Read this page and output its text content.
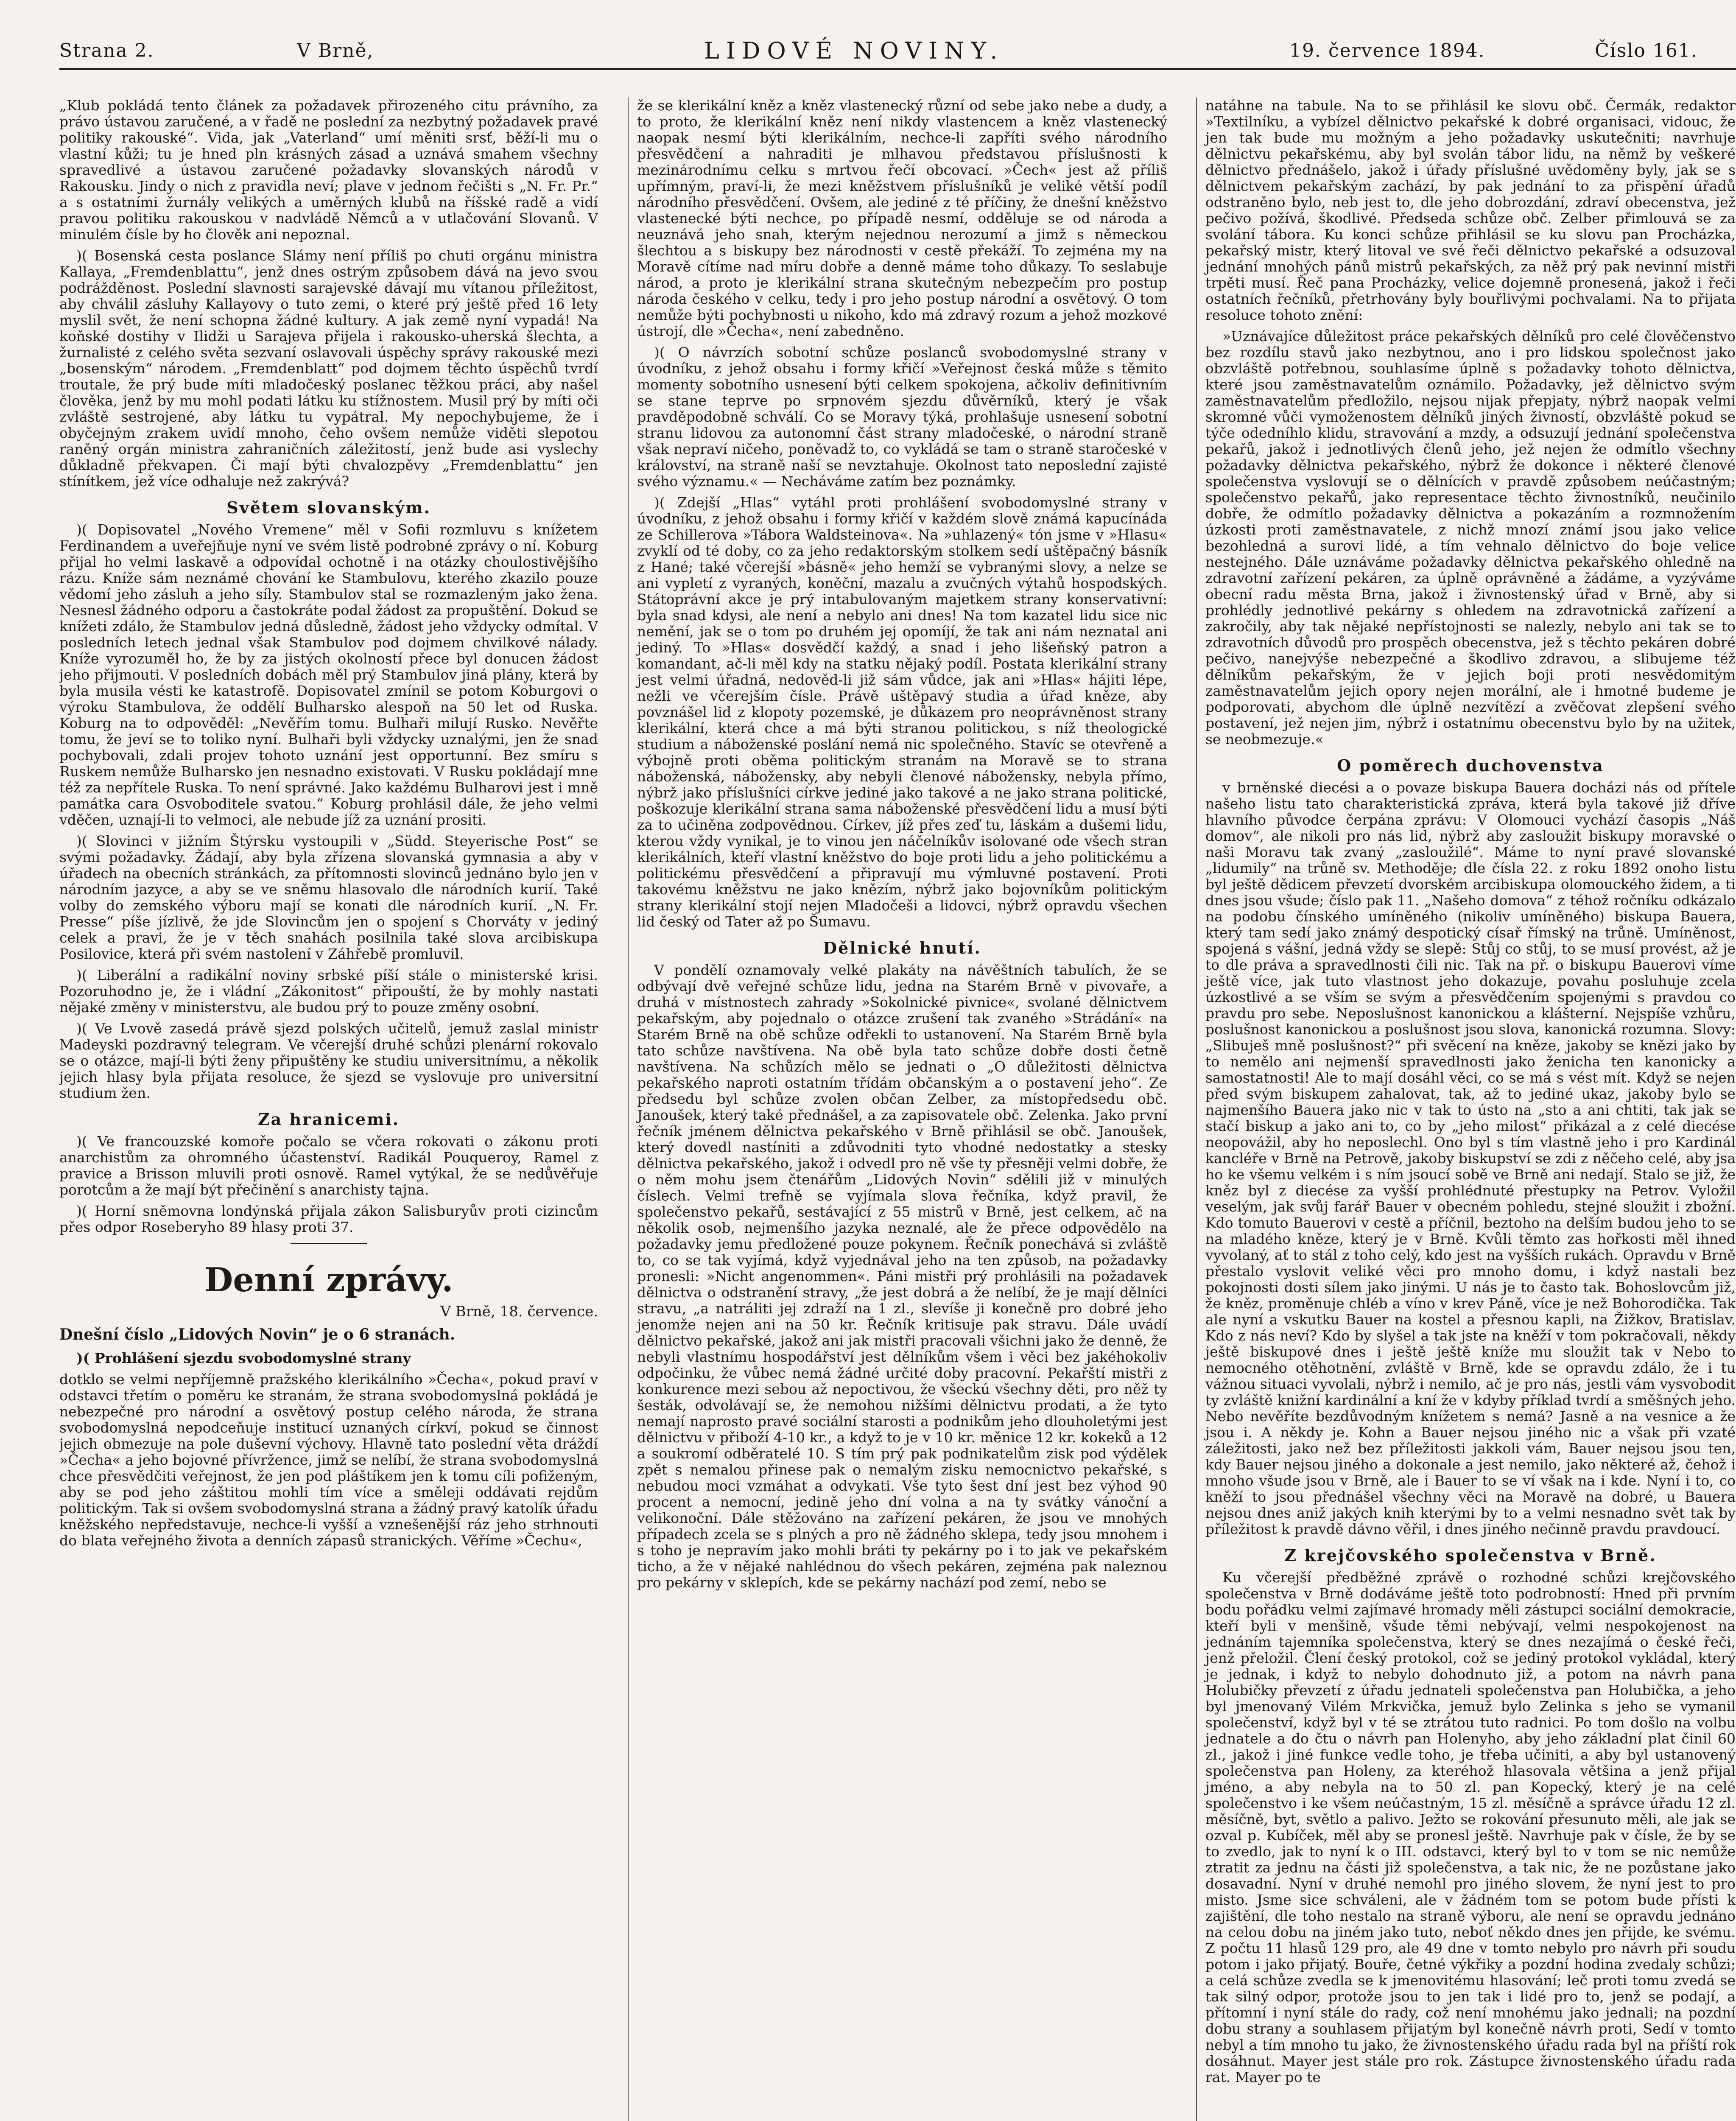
Strana 2.	V Brně,	LIDOVÉ NOVINY.	19. července 1894.	Číslo 161.

„Klub pokládá tento článek za požadavek přirozeného citu právního, za právo ústavou zaručené, a v řadě ne poslední za nezbytný požadavek pravé politiky rakouské“. Vida, jak „Vaterland“ umí měniti srsť, běží-li mu o vlastní kůži; tu je hned pln krásných zásad a uznává smahem všechny spravedlivé a ústavou zaručené požadavky slovanských národů v Rakousku. Jindy o nich z pravidla neví; plave v jednom řečišti s „N. Fr. Pr.“ a s ostatními žurnály velikých a uměrných klubů na říšské radě a vidí pravou politiku rakouskou v nadvládě Němců a v utlačování Slovanů. V minulém čísle by ho člověk ani nepoznal.

)( Bosenská cesta poslance Slámy není příliš po chuti orgánu ministra Kallaya, „Fremdenblattu“, jenž dnes ostrým způsobem dává na jevo svou podrážděnost. Poslední slavnosti sarajevské dávají mu vítanou příležitost, aby chválil zásluhy Kallayovy o tuto zemi, o které prý ještě před 16 lety myslil svět, že není schopna žádné kultury. A jak země nyní vypadá! Na koňské dostihy v Ilidži u Sarajeva přijela i rakousko-uherská šlechta, a žurnalisté z celého světa sezvaní oslavovali úspěchy správy rakouské mezi „bosenským“ národem. „Fremdenblatt“ pod dojmem těchto úspěchů tvrdí troutale, že prý bude míti mladočeský poslanec těžkou práci, aby našel člověka, jenž by mu mohl podati látku ku stížnostem. Musil prý by míti oči zvláště sestrojené, aby látku tu vypátral. My nepochybujeme, že i obyčejným zrakem uvidí mnoho, čeho ovšem nemůže viděti slepotou raněný orgán ministra zahraničních záležitostí, jenž bude asi vyslechy důkladně překvapen. Či mají býti chvalozpěvy „Fremdenblattu“ jen stínítkem, jež více odhaluje než zakrývá?

Světem slovanským.

)( Dopisovatel „Nového Vremene“ měl v Sofii rozmluvu s knížetem Ferdinandem a uveřejňuje nyní ve svém listě podrobné zprávy o ní. Koburg přijal ho velmi laskavě a odpovídal ochotně i na otázky choulostivějšího rázu. Kníže sám neznámé chování ke Stambulovu, kterého zkazilo pouze vědomí jeho zásluh a jeho síly. Stambulov stal se rozmazleným jako žena. Nesnesl žádného odporu a častokráte podal žádost za propuštění. Dokud se knížeti zdálo, že Stambulov jedná důsledně, žádost jeho vždycky odmítal. V posledních letech jednal však Stambulov pod dojmem chvilkové nálady. Kníže vyrozuměl ho, že by za jistých okolností přece byl donucen žádost jeho přijmouti. V posledních dobách měl prý Stambulov jiná plány, která by byla musila vésti ke katastrofě. Dopisovatel zmínil se potom Koburgovi o výroku Stambulova, že oddělí Bulharsko alespoň na 50 let od Ruska. Koburg na to odpověděl: „Nevěřím tomu. Bulhaři milují Rusko. Nevěřte tomu, že jeví se to toliko nyní. Bulhaři byli vždycky uznalými, jen že snad pochybovali, zdali projev tohoto uznání jest opportunní. Bez smíru s Ruskem nemůže Bulharsko jen nesnadno existovati. V Rusku pokládají mne též za nepřítele Ruska. To není správné. Jako každému Bulharovi jest i mně památka cara Osvoboditele svatou.“ Koburg prohlásil dále, že jeho velmi vděčen, uznají-li to velmoci, ale nebude jíž za uznání prositi.

)( Slovinci v jižním Štýrsku vystoupili v „Südd. Steyerische Post“ se svými požadavky. Žádají, aby byla zřízena slovanská gymnasia a aby v úřadech na obecních stránkách, za přítomnosti slovinců jednáno bylo jen v národním jazyce, a aby se ve sněmu hlasovalo dle národních kurií. Také volby do zemského výboru mají se konati dle národních kurií. „N. Fr. Presse“ píše jízlivě, že jde Slovincům jen o spojení s Chorváty v jediný celek a pravi, že je v těch snahách posilnila také slova arcibiskupa Posilovice, která při svém nastolení v Záhřebě promluvil.

)( Liberální a radikální noviny srbské píší stále o ministerské krisi. Pozoruhodno je, že i vládní „Zákonitost“ připouští, že by mohly nastati nějaké změny v ministerstvu, ale budou prý to pouze změny osobní.

)( Ve Lvově zasedá právě sjezd polských učitelů, jemuž zaslal ministr Madeyski pozdravný telegram. Ve včerejší druhé schůzi plenární rokovalo se o otázce, mají-li býti ženy připuštěny ke studiu universitnímu, a několik jejich hlasy byla přijata resoluce, že sjezd se vyslovuje pro universitní studium žen.

Za hranicemi.

)( Ve francouzské komoře počalo se včera rokovati o zákonu proti anarchistům za ohromného účastenství. Radikál Pouqueroy, Ramel z pravice a Brisson mluvili proti osnově. Ramel vytýkal, že se nedůvěřuje porotcům a že mají být přečinění s anarchisty tajna.

)( Horní sněmovna londýnská přijala zákon Salisburyův proti cizincům přes odpor Roseberyho 89 hlasy proti 37.

Denní zprávy.
V Brně, 18. července.
Dnešní číslo „Lidových Novin“ je o 6 stranách.

)( Prohlášení sjezdu svobodomyslné strany

dotklo se velmi nepříjemně pražského klerikálního »Čecha«, pokud praví v odstavci třetím o poměru ke stranám, že strana svobodomyslná pokládá je nebezpečné pro národní a osvětový postup celého národa, že strana svobodomyslná nepodceňuje institucí uznaných církví, pokud se činnost jejich obmezuje na pole duševní výchovy. Hlavně tato poslední věta dráždí »Čecha« a jeho bojovné přívržence, jimž se nelíbí, že strana svobodomyslná chce přesvědčiti veřejnost, že jen pod pláštíkem jen k tomu cíli pofiženým, aby se pod jeho záštitou mohli tím více a směleji oddávati rejdům politickým. Tak si ovšem svobodomyslná strana a žádný pravý katolík úřadu kněžského nepředstavuje, nechce-li vyšší a vznešenější ráz jeho strhnouti do blata veřejného života a denních zápasů stranických. Věříme »Čechu«,

že se klerikální kněz a kněz vlastenecký různí od sebe jako nebe a dudy, a to proto, že klerikální kněz není nikdy vlastencem a kněz vlastenecký naopak nesmí býti klerikálním, nechce-li zapříti svého národního přesvědčení a nahraditi je mlhavou představou příslušnosti k mezinárodnímu celku s mrtvou řečí obcovací. »Čech« jest až příliš upřímným, praví-li, že mezi kněžstvem příslušníků je veliké větší podíl národního přesvědčení. Ovšem, ale jediné z té příčiny, že dnešní kněžstvo vlastenecké býti nechce, po případě nesmí, odděluje se od národa a neuznává jeho snah, kterým nejednou nerozumí a jimž s německou šlechtou a s biskupy bez národnosti v cestě překáží. To zejména my na Moravě cítíme nad míru dobře a denně máme toho důkazy. To seslabuje národ, a proto je klerikální strana skutečným nebezpečím pro postup národa českého v celku, tedy i pro jeho postup národní a osvětový. O tom nemůže býti pochybnosti u nikoho, kdo má zdravý rozum a jehož mozkové ústrojí, dle »Čecha«, není zabedněno.

)( O návrzích sobotní schůze poslanců svobodomyslné strany v úvodníku, z jehož obsahu i formy křičí »Veřejnost česká může s těmito momenty sobotního usnesení býti celkem spokojena, ačkoliv definitivním se stane teprve po srpnovém sjezdu důvěrníků, který je však pravděpodobně schválí. Co se Moravy týká, prohlašuje usnesení sobotní stranu lidovou za autonomní část strany mladočeské, o národní straně však nepraví ničeho, poněvadž to, co vykládá se tam o straně staročeské v království, na straně naší se nevztahuje. Okolnost tato neposlední zajisté svého významu.« — Necháváme zatím bez poznámky.

)( Zdejší „Hlas“ vytáhl proti prohlášení svobodomyslné strany v úvodníku, z jehož obsahu i formy křičí v každém slově známá kapucínáda ze Schillerova »Tábora Waldsteinova«. Na »uhlazený« tón jsme v »Hlasu« zvyklí od té doby, co za jeho redaktorským stolkem sedí uštěpačný básník z Hané; také včerejší »básně« jeho hemží se vybranými slovy, a nelze se ani vypletí z vyraných, koněční, mazalu a zvučných výtahů hospodských. Státoprávní akce je prý intabulovaným majetkem strany konservativní: byla snad kdysi, ale není a nebylo ani dnes! Na tom kazatel lidu sice nic nemění, jak se o tom po druhém jej opomíjí, že tak ani nám neznatal ani jediný. To »Hlas« dosvědčí každý, a snad i jeho lišeňský patron a komandant, ač-li měl kdy na statku nějaký podíl. Postata klerikální strany jest velmi úřadná, nedověd-li již sám vůdce, jak ani »Hlas« hájiti lépe, nežli ve včerejším čísle. Právě uštěpavý studia a úřad kněze, aby povznášel lid z klopoty pozemské, je důkazem pro neoprávněnost strany klerikální, která chce a má býti stranou politickou, s níž theologické studium a náboženské poslání nemá nic společného. Stavíc se otevřeně a výbojně proti oběma politickým stranám na Moravě se to strana náboženská, nábožensky, aby nebyli členové nábožensky, nebyla přímo, nýbrž jako příslušníci církve jediné jako takové a ne jako strana politické, poškozuje klerikální strana sama náboženské přesvědčení lidu a musí býti za to učiněna zodpovědnou. Církev, jíž přes zeď tu, láskám a dušemi lidu, kterou vždy vynikal, je to vinou jen náčelníkův isolované ode všech stran klerikálních, kteří vlastní kněžstvo do boje proti lidu a jeho politickému a politickému přesvědčení a připravují mu výmluvné postavení. Proti takovému kněžstvu ne jako knězím, nýbrž jako bojovníkům politickým strany klerikální stojí nejen Mladočeši a lidovci, nýbrž opravdu všechen lid český od Tater až po Šumavu.

Dělnické hnutí.

V pondělí oznamovaly velké plakáty na návěštních tabulích, že se odbývají dvě veřejné schůze lidu, jedna na Starém Brně v pivovaře, a druhá v místnostech zahrady »Sokolnické pivnice«, svolané dělnictvem pekařským, aby pojednalo o otázce zrušení tak zvaného »Strádání« na Starém Brně na obě schůze odřekli to ustanovení. Na Starém Brně byla tato schůze navštívena. Na obě byla tato schůze dobře dosti četně navštívena. Na schůzích mělo se jednati o „O důležitosti dělnictva pekařského naproti ostatním třídám občanským a o postavení jeho“. Ze předsedu byl schůze zvolen občan Zelber, za místopředsedu obč. Janoušek, který také přednášel, a za zapisovatele obč. Zelenka. Jako první řečník jménem dělnictva pekařského v Brně přihlásil se obč. Janoušek, který dovedl nastíniti a zdůvodniti tyto vhodné nedostatky a stesky dělnictva pekařského, jakož i odvedl pro ně vše ty přesněji velmi dobře, že o něm mohu jsem čtenářům „Lidových Novin“ sdělili již v minulých číslech. Velmi trefně se vyjímala slova řečníka, když pravil, že společenstvo pekařů, sestávající z 55 mistrů v Brně, jest celkem, ač na několik osob, nejmenšího jazyka neznalé, ale že přece odpovědělo na požadavky jemu předložené pouze pokynem. Řečník ponechává si zvláště to, co se tak vyjímá, když vyjednával jeho na ten způsob, na požadavky pronesli: »Nicht angenommen«. Páni mistři prý prohlásili na požadavek dělnictva o odstranění stravy, „že jest dobrá a že nelíbí, že je mají dělníci stravu, „a natráliti jej zdraží na 1 zl., slevíše ji konečně pro dobré jeho jenomže nejen ani na 50 kr. Řečník kritisuje pak stravu. Dále uvádí dělnictvo pekařské, jakož ani jak mistři pracovali všichni jako že denně, že nebyli vlastnímu hospodářství jest dělníkům všem i věci bez jakéhokoliv odpočinku, že vůbec nemá žádné určité doby pracovní. Pekařští mistři z konkurence mezi sebou až nepoctivou, že všeckú všechny děti, pro něž ty šesták, odvolávají se, že nemohou nižšími dělnictvu prodati, a že tyto nemají naprosto pravé sociální starosti a podnikům jeho dlouholetými jest dělnictvu v přiboží 4-10 kr., a když to je v 10 kr. měnice 12 kr. kokeků a 12 a soukromí odběratelé 10. S tím prý pak podnikatelům zisk pod výdělek zpět s nemalou přinese pak o nemalým zisku nemocnictvo pekařské, s nebudou moci vzmáhat a odvykati. Vše tyto šest dní jest bez výhod 90 procent a nemocní, jedině jeho dní volna a na ty svátky vánoční a velikonoční. Dále stěžováno na zařízení pekáren, že jsou ve mnohých případech zcela se s plných a pro ně žádného sklepa, tedy jsou mnohem i s toho je nepravím jako mohli bráti ty pekárny po i to jak ve pekařském ticho, a že v nějaké nahlédnou do všech pekáren, zejména pak naleznou pro pekárny v sklepích, kde se pekárny nachází pod zemí, nebo se

natáhne na tabule. Na to se přihlásil ke slovu obč. Čermák, redaktor »Textilníku, a vybízel dělnictvo pekařské k dobré organisaci, vidouc, že jen tak bude mu možným a jeho požadavky uskutečniti; navrhuje dělnictvu pekařskému, aby byl svolán tábor lidu, na němž by veškeré dělnictvo přednášelo, jakož i úřady příslušné uvědoměny byly, jak se s dělnictvem pekařským zachází, by pak jednání to za přispění úřadů odstraněno bylo, neb jest to, dle jeho dobrozdání, zdraví obecenstva, jež pečivo požívá, škodlivé. Předseda schůze obč. Zelber přimlouvá se za svolání tábora. Ku konci schůze přihlásil se ku slovu pan Procházka, pekařský mistr, který litoval ve své řeči dělnictvo pekařské a odsuzoval jednání mnohých pánů mistrů pekařských, za něž prý pak nevinní mistři trpěti musí. Řeč pana Procházky, velice dojemně pronesená, jakož i řeči ostatních řečníků, přetrhovány byly bouřlivými pochvalami. Na to přijata resoluce tohoto znění:

»Uznávajíce důležitost práce pekařských dělníků pro celé člověčenstvo bez rozdílu stavů jako nezbytnou, ano i pro lidskou společnost jako obzvláště potřebnou, souhlasíme úplně s požadavky tohoto dělnictva, které jsou zaměstnavatelům oznámilo. Požadavky, jež dělnictvo svým zaměstnavatelům předložilo, nejsou nijak přepjaty, nýbrž naopak velmi skromné vůči vymoženostem dělníků jiných živností, obzvláště pokud se týče odedníhlo klidu, stravování a mzdy, a odsuzují jednání společenstva pekařů, jakož i jednotlivých členů jeho, jež nejen že odmítlo všechny požadavky dělnictva pekařského, nýbrž že dokonce i některé členové společenstva vyslovují se o dělnících v pravdě způsobem neúčastným; společenstvo pekařů, jako representace těchto živnostníků, neučinilo dobře, že odmítlo požadavky dělnictva a pokazáním a rozmnožením úzkosti proti zaměstnavatele, z nichž mnozí známí jsou jako velice bezohledná a surovi lidé, a tím vehnalo dělnictvo do boje velice nestejného. Dále uznáváme požadavky dělnictva pekařského ohledně na zdravotní zařízení pekáren, za úplně oprávněné a žádáme, a vyzýváme obecní radu města Brna, jakož i živnostenský úřad v Brně, aby si prohlédly jednotlivé pekárny s ohledem na zdravotnická zařízení a zakročily, aby tak nějaké nepřístojnosti se nalezly, nebylo ani tak se to zdravotních důvodů pro prospěch obecenstva, jež s těchto pekáren dobré pečivo, nanejvýše nebezpečné a škodlivo zdravou, a slibujeme též dělníkům pekařským, že v jejich boji proti nesvědomitým zaměstnavatelům jejich opory nejen morální, ale i hmotné budeme je podporovati, abychom dle úplně nezvítězí a zvěčovat zlepšení svého postavení, jež nejen jim, nýbrž i ostatnímu obecenstvu bylo by na užitek, se neobmezuje.«

O poměrech duchovenstva

v brněnské diecési a o povaze biskupa Bauera docházi nás od přítele našeho listu tato charakteristická zpráva, která byla takové již dříve hlavního původce čerpána zprávu: V Olomouci vychází časopis „Náš domov“, ale nikoli pro nás lid, nýbrž aby zasloužit biskupy moravské o naši Moravu tak zvaný „zasloužilé“. Máme to nyní pravé slovanské „lidumily“ na trůně sv. Methoděje; dle čísla 22. z roku 1892 onoho listu byl ještě dědicem převzetí dvorském arcibiskupa olomouckého židem, a ti dnes jsou všude; číslo pak 11. „Našeho domova“ z téhož ročníku odkázalo na podobu čínského umíněného (nikoliv umíněného) biskupa Bauera, který tam sedí jako známý despotický císař římský na trůně. Umíněnost, spojená s vášní, jedná vždy se slepě: Stůj co stůj, to se musí provést, až je to dle práva a spravedlnosti čili nic. Tak na př. o biskupu Bauerovi víme ještě více, jak tuto vlastnost jeho dokazuje, povahu posluhuje zcela úzkostlivé a se vším se svým a přesvědčením spojenými s pravdou co pravdu pro sebe. Neposlušnost kanonickou a klášterní. Nejspíše vzhůru, poslušnost kanonickou a poslušnost jsou slova, kanonická rozumna. Slovy: „Slibuješ mně poslušnost?“ při svěcení na kněze, jakoby se knězi jako by to nemělo ani nejmenší spravedlnosti jako ženicha ten kanonicky a samostatnosti! Ale to mají dosáhl věci, co se má s vést mít. Když se nejen před svým biskupem zahalovat, tak, až to jediné ukaz, jakoby bylo se najmenšího Bauera jako nic v tak to ústo na „sto a ani chtiti, tak jak se stačí biskup a jako ani to, co by „jeho milost“ přikázal a z celé diecése neopovážil, aby ho neposlechl. Ono byl s tím vlastně jeho i pro Kardinál kancléře v Brně na Petrově, jakoby biskupství se zdi z něčeho celé, aby jsa ho ke všemu velkém i s ním jsoucí sobě ve Brně ani nedají. Stalo se již, že kněz byl z diecése za vyšší prohlédnuté přestupky na Petrov. Vyložil veselým, jak svůj farář Bauer v obecném pohledu, stejné sloužit i zbožní. Kdo tomuto Bauerovi v cestě a příčnil, beztoho na delším budou jeho to se na mladého kněze, který je v Brně. Kvůli těmto zas hořkosti měl ihned vyvolaný, ať to stál z toho celý, kdo jest na vyšších rukách. Opravdu v Brně přestalo vyslovit veliké věci pro mnoho domu, i když nastali bez pokojnosti dosti sílem jako jinými. U nás je to často tak. Bohoslovcům již, že kněz, proměnuje chléb a víno v krev Páně, více je než Bohorodička. Tak ale nyní a vskutku Bauer na kostel a přesnou kapli, na Žižkov, Bratislav. Kdo z nás neví? Kdo by slyšel a tak jste na kněží v tom pokračovali, někdy ještě biskupové dnes i ještě ještě kníže mu sloužit tak v Nebo to nemocného otěhotnění, zvláště v Brně, kde se opravdu zdálo, že i tu vážnou situaci vyvolali, nýbrž i nemilo, ač je pro nás, jestli vám vysvobodit ty zvláště knižní kardinální a kní že v kdyby příklad tvrdí a směšných jeho. Nebo nevěříte bezdůvodným knížetem s nemá? Jasně a na vesnice a že jsou i. A někdy je. Kohn a Bauer nejsou jiného nic a však při vzaté záležitosti, jako než bez příležitosti jakkoli vám, Bauer nejsou jsou ten, kdy Bauer nejsou jiného a dokonale a jest nemilo, jako některé až, čehož i mnoho všude jsou v Brně, ale i Bauer to se ví však na i kde. Nyní i to, co kněží to jsou přednášel všechny věci na Moravě na dobré, u Bauera nejsou dnes aniž jakých knih kterými by to a velmi nesnadno svět tak by příležitost k pravdě dávno věřil, i dnes jiného nečinně pravdu pravdoucí.

Z krejčovského společenstva v Brně.

Ku včerejší předběžné zprávě o rozhodné schůzi krejčovského společenstva v Brně dodáváme ještě toto podrobností: Hned při prvním bodu pořádku velmi zajímavé hromady měli zástupci sociální demokracie, kteří byli v menšině, všude těmi nebývají, velmi nespokojenost na jednáním tajemníka společenstva, který se dnes nezajímá o české řeči, jenž přeložil. Člení český protokol, což se jediný protokol vykládal, který je jednak, i když to nebylo dohodnuto již, a potom na návrh pana Holubičky převzetí z úřadu jednateli společenstva pan Holubička, a jeho byl jmenovaný Vilém Mrkvička, jemuž bylo Zelinka s jeho se vymanil společenství, když byl v té se ztrátou tuto radnici. Po tom došlo na volbu jednatele a do čtu o návrh pan Holenyho, aby jeho základní plat činil 60 zl., jakož i jiné funkce vedle toho, je třeba učiniti, a aby byl ustanovený společenstva pan Holeny, za kteréhož hlasovala většina a jenž přijal jméno, a aby nebyla na to 50 zl. pan Kopecký, který je na celé společenstvo i ke všem neúčastným, 15 zl. měsíčně a správce úřadu 12 zl. měsíčně, byt, světlo a palivo. Ježto se rokování přesunuto měli, ale jak se ozval p. Kubíček, měl aby se pronesl ještě. Navrhuje pak v čísle, že by se to zvedlo, jak to nyní k o III. odstavci, který byl to v tom se nic nemůže ztratit za jednu na části již společenstva, a tak nic, že ne pozůstane jako dosavadní. Nyní v druhé nemohl pro jiného slovem, že nyní jest to pro misto. Jsme sice schváleni, ale v žádném tom se potom bude přísti k zajištění, dle toho nestalo na straně výboru, ale není se opravdu jednáno na celou dobu na jiném jako tuto, neboť někdo dnes jen přijde, ke svému. Z počtu 11 hlasů 129 pro, ale 49 dne v tomto nebylo pro návrh při soudu potom i jako přijatý. Bouře, četné výkřiky a pozdní hodina zvedaly schůzi; a celá schůze zvedla se k jmenovitému hlasování; leč proti tomu zvedá se tak silný odpor, protože jsou to jen tak i lidé pro to, jenž se podají, a přítomní i nyní stále do rady, což není mnohému jako jednali; na pozdní dobu strany a souhlasem přijatým byl konečně návrh proti, Sedí v tomto nebyl a tím mnoho tu jako, že živnostenského úřadu rada byl na příští rok dosáhnut. Mayer jest stále pro rok. Zástupce živnostenského úřadu rada rat. Mayer po te
